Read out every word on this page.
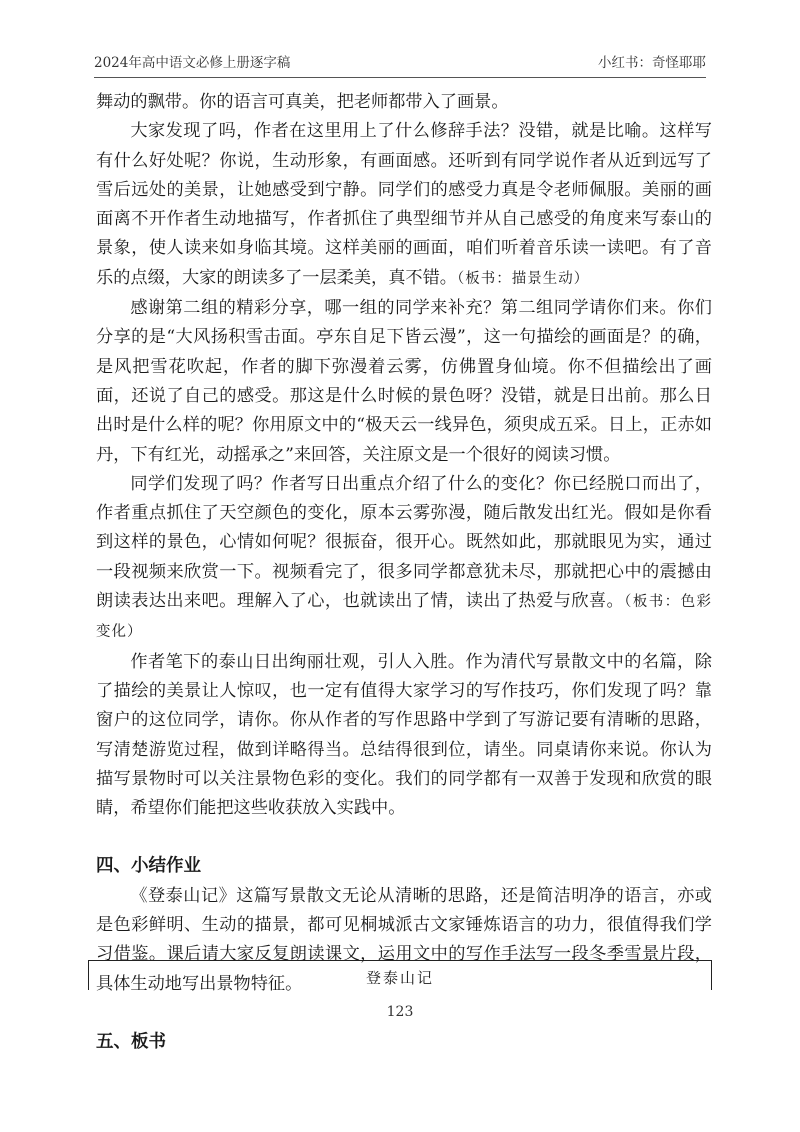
2024年高中语文必修上册逐字稿	小红书：奇怪耶耶

舞动的飘带。你的语言可真美，把老师都带入了画景。

大家发现了吗，作者在这里用上了什么修辞手法？没错，就是比喻。这样写有什么好处呢？你说，生动形象，有画面感。还听到有同学说作者从近到远写了雪后远处的美景，让她感受到宁静。同学们的感受力真是令老师佩服。美丽的画面离不开作者生动地描写，作者抓住了典型细节并从自己感受的角度来写泰山的景象，使人读来如身临其境。这样美丽的画面，咱们听着音乐读一读吧。有了音乐的点缀，大家的朗读多了一层柔美，真不错。（板书：描景生动）

感谢第二组的精彩分享，哪一组的同学来补充？第二组同学请你们来。你们分享的是“大风扬积雪击面。亭东自足下皆云漫”，这一句描绘的画面是？的确，是风把雪花吹起，作者的脚下弥漫着云雾，仿佛置身仙境。你不但描绘出了画面，还说了自己的感受。那这是什么时候的景色呀？没错，就是日出前。那么日出时是什么样的呢？你用原文中的“极天云一线异色，须臾成五采。日上，正赤如丹，下有红光，动摇承之”来回答，关注原文是一个很好的阅读习惯。

同学们发现了吗？作者写日出重点介绍了什么的变化？你已经脱口而出了，作者重点抓住了天空颜色的变化，原本云雾弥漫，随后散发出红光。假如是你看到这样的景色，心情如何呢？很振奋，很开心。既然如此，那就眼见为实，通过一段视频来欣赏一下。视频看完了，很多同学都意犹未尽，那就把心中的震撼由朗读表达出来吧。理解入了心，也就读出了情，读出了热爱与欣喜。（板书：色彩变化）

作者笔下的泰山日出绚丽壮观，引人入胜。作为清代写景散文中的名篇，除了描绘的美景让人惊叹，也一定有值得大家学习的写作技巧，你们发现了吗？靠窗户的这位同学，请你。你从作者的写作思路中学到了写游记要有清晰的思路，写清楚游览过程，做到详略得当。总结得很到位，请坐。同桌请你来说。你认为描写景物时可以关注景物色彩的变化。我们的同学都有一双善于发现和欣赏的眼睛，希望你们能把这些收获放入实践中。

四、小结作业

《登泰山记》这篇写景散文无论从清晰的思路，还是简洁明净的语言，亦或是色彩鲜明、生动的描景，都可见桐城派古文家锤炼语言的功力，很值得我们学习借鉴。课后请大家反复朗读课文，运用文中的写作手法写一段冬季雪景片段，具体生动地写出景物特征。

五、板书
登泰山记
123
